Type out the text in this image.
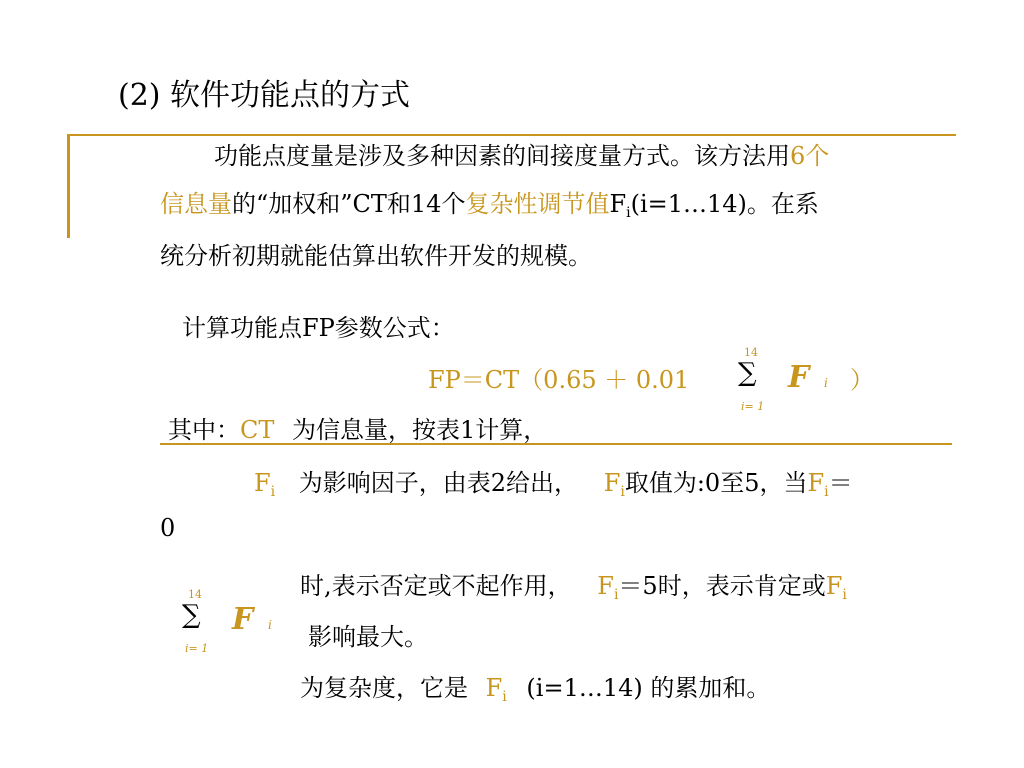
(2) 软件功能点的方式
功能点度量是涉及多种因素的间接度量方式。该方法用6个
信息量的“加权和”CT和14个复杂性调节值$F_i(i=1\dots 14)$。在系
统分析初期就能估算出软件开发的规模。
计算功能点FP参数公式：
FP＝CT（0.65 ＋ 0.01
14
∑
i= 1
F i ）
其中：CT 为信息量，按表1计算，
$F_i$ 为影响因子，由表2给出， $F_i$取值为:0至5，当$F_i=$
0
时,表示否定或不起作用， $F_i=5$时，表示肯定或$F_i$
14
∑
i= 1
F i 影响最大。
为复杂度，它是 $F_i$ (i=1…14) 的累加和。
